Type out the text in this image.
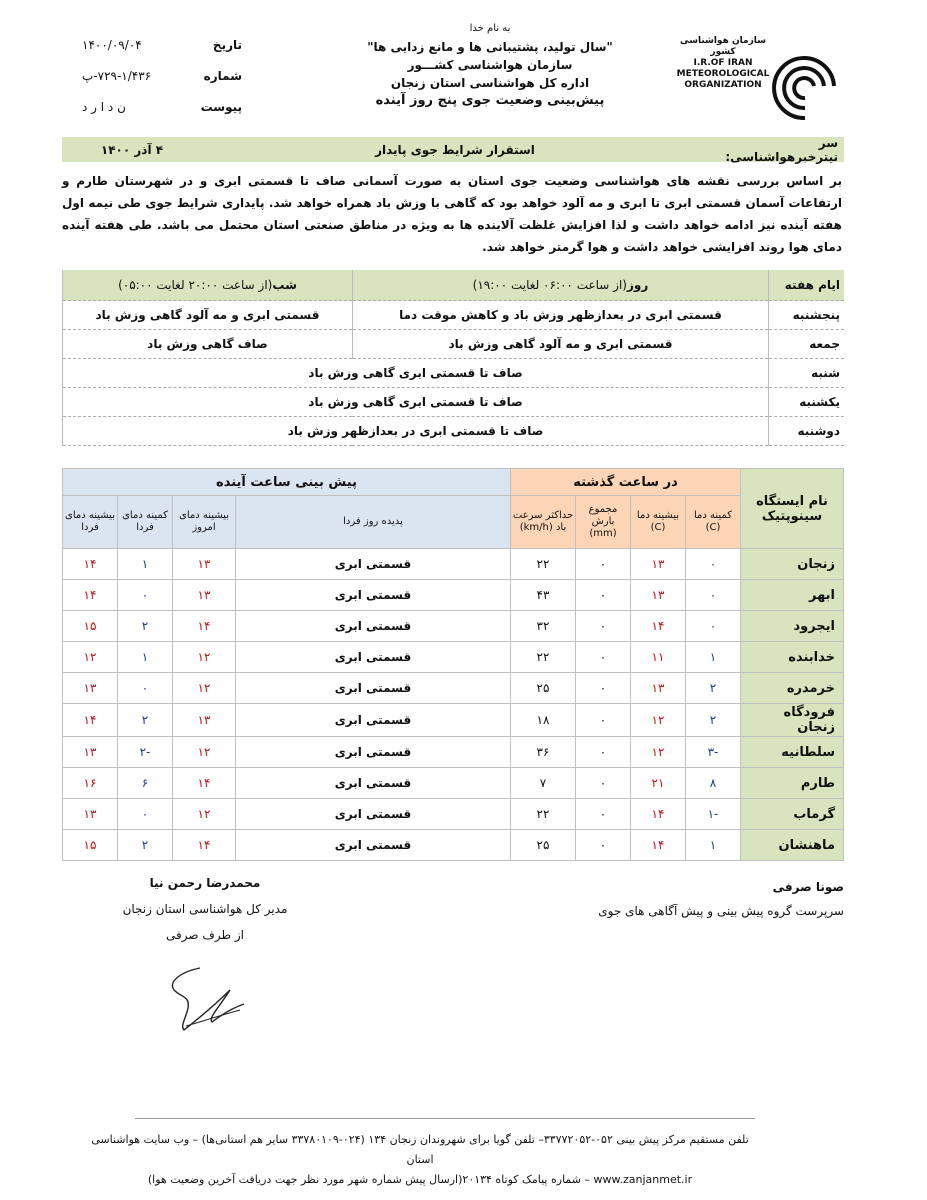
به نام خدا
"سال تولید، پشتیبانی ها و مانع زدایی ها"
سازمان هواشناسی کشـــور
اداره کل هواشناسی استان زنجان
پیش‌بینی وضعیت جوی پنج روز آینده
تاریخ
۱۴۰۰/۰۹/۰۴
شماره
۷۲۹-۱/۴۳۶-پ
پیوست
ن د ا ر د
سازمان هواشناسی کشور
I.R.OF IRAN
METEOROLOGICAL
ORGANIZATION
سر تیترخبرهواشناسی:
استقرار شرایط جوی پایدار
۴ آذر ۱۴۰۰
بر اساس بررسی نقشه های هواشناسی وضعیت جوی استان به صورت آسمانی صاف تا قسمتی ابری و در شهرستان طارم و ارتفاعات آسمان قسمتی ابری تا ابری و مه آلود خواهد بود که گاهی با وزش باد همراه خواهد شد. پایداری شرایط جوی طی نیمه اول هفته آینده نیز ادامه خواهد داشت و لذا افزایش غلظت آلاینده ها به ویژه در مناطق صنعتی استان محتمل می باشد. طی هفته آینده دمای هوا روند افزایشی خواهد داشت و هوا گرمتر خواهد شد.
ایام هفته	روز(از ساعت ۰۶:۰۰ لغایت ۱۹:۰۰)	شب(از ساعت ۲۰:۰۰ لغایت ۰۵:۰۰)
پنجشنبه	قسمتی ابری در بعدازظهر وزش باد و کاهش موقت دما	قسمتی ابری و مه آلود گاهی وزش باد
جمعه	قسمتی ابری و مه آلود گاهی وزش باد	صاف گاهی وزش باد
شنبه	صاف تا قسمتی ابری گاهی وزش باد	
یکشنبه	صاف تا قسمتی ابری گاهی وزش باد	
دوشنبه	صاف تا قسمتی ابری در بعدازظهر وزش باد	
نام ایستگاه سینوپتیک	در ساعت گذشته				پیش بینی ساعت آینده			
	کمینه دما (C)	بیشینه دما (C)	مجموع بارش (mm)	حداکثر سرعت باد (km/h)	پدیده روز فردا	بیشینه دمای امروز	کمینه دمای فردا	بیشینه دمای فردا
زنجان	۰	۱۳	۰	۲۲	قسمتی ابری	۱۳	۱	۱۴
ابهر	۰	۱۳	۰	۴۳	قسمتی ابری	۱۳	۰	۱۴
ایجرود	۰	۱۴	۰	۳۲	قسمتی ابری	۱۴	۲	۱۵
خدابنده	۱	۱۱	۰	۲۲	قسمتی ابری	۱۲	۱	۱۲
خرمدره	۲	۱۳	۰	۲۵	قسمتی ابری	۱۲	۰	۱۳
فرودگاه زنجان	۲	۱۲	۰	۱۸	قسمتی ابری	۱۳	۲	۱۴
سلطانیه	-۳	۱۲	۰	۳۶	قسمتی ابری	۱۲	-۲	۱۳
طارم	۸	۲۱	۰	۷	قسمتی ابری	۱۴	۶	۱۶
گرماب	-۱	۱۴	۰	۲۲	قسمتی ابری	۱۲	۰	۱۳
ماهنشان	۱	۱۴	۰	۲۵	قسمتی ابری	۱۴	۲	۱۵
صونا صرفی
سرپرست گروه پیش بینی و پیش آگاهی های جوی
محمدرضا رحمن نیا
مدیر کل هواشناسی استان زنجان
از طرف صرفی
تلفن مستقیم مرکز پیش بینی ۰۵۲-۳۳۷۷۲۰۵۲– تلفن گویا برای شهروندان زنجان ۱۳۴ (۰۲۴-۳۳۷۸۰۱۰۹ سایر هم استانی‌ها) – وب سایت هواشناسی استان
www.zanjanmet.ir – شماره پیامک کوتاه ۲۰۱۳۴(ارسال پیش شماره شهر مورد نظر جهت دریافت آخرین وضعیت هوا)
